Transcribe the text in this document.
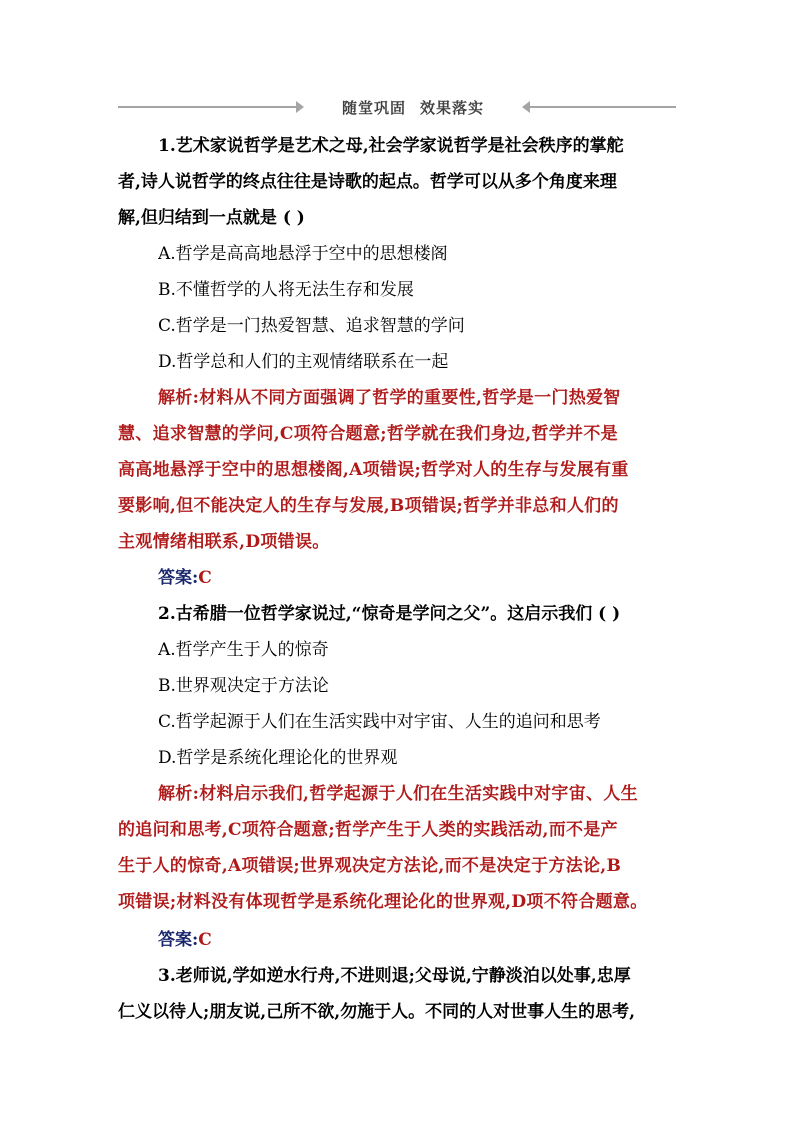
随堂巩固 效果落实
1.艺术家说哲学是艺术之母,社会学家说哲学是社会秩序的掌舵
者,诗人说哲学的终点往往是诗歌的起点。哲学可以从多个角度来理
解,但归结到一点就是 ( )
A.哲学是高高地悬浮于空中的思想楼阁
B.不懂哲学的人将无法生存和发展
C.哲学是一门热爱智慧、追求智慧的学问
D.哲学总和人们的主观情绪联系在一起
解析:材料从不同方面强调了哲学的重要性,哲学是一门热爱智
慧、追求智慧的学问,C项符合题意;哲学就在我们身边,哲学并不是
高高地悬浮于空中的思想楼阁,A项错误;哲学对人的生存与发展有重
要影响,但不能决定人的生存与发展,B项错误;哲学并非总和人们的
主观情绪相联系,D项错误。
答案:C
2.古希腊一位哲学家说过,“惊奇是学问之父”。这启示我们 ( )
A.哲学产生于人的惊奇
B.世界观决定于方法论
C.哲学起源于人们在生活实践中对宇宙、人生的追问和思考
D.哲学是系统化理论化的世界观
解析:材料启示我们,哲学起源于人们在生活实践中对宇宙、人生
的追问和思考,C项符合题意;哲学产生于人类的实践活动,而不是产
生于人的惊奇,A项错误;世界观决定方法论,而不是决定于方法论,B
项错误;材料没有体现哲学是系统化理论化的世界观,D项不符合题意。
答案:C
3.老师说,学如逆水行舟,不进则退;父母说,宁静淡泊以处事,忠厚
仁义以待人;朋友说,己所不欲,勿施于人。不同的人对世事人生的思考,
